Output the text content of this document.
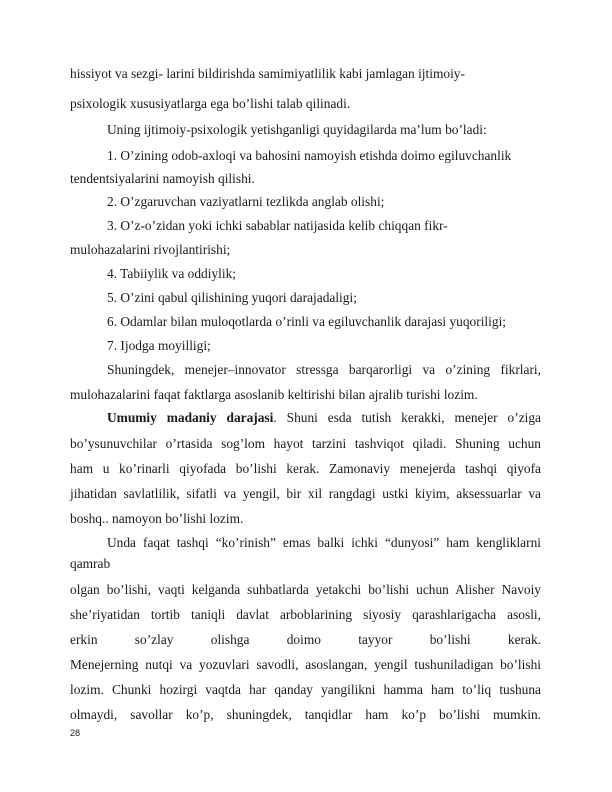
hissiyot va sezgi- larini bildirishda samimiyatlilik kabi jamlagan ijtimoiy-
psixologik xususiyatlarga ega bo’lishi talab qilinadi.
Uning ijtimoiy-psixologik yetishganligi quyidagilarda ma’lum bo’ladi:
1. O’zining odob-axloqi va bahosini namoyish etishda doimo egiluvchanlik
tendentsiyalarini namoyish qilishi.
2. O’zgaruvchan vaziyatlarni tezlikda anglab olishi;
3. O’z-o’zidan yoki ichki sabablar natijasida kelib chiqqan fikr-
mulohazalarini rivojlantirishi;
4. Tabiiylik va oddiylik;
5. O’zini qabul qilishining yuqori darajadaligi;
6. Odamlar bilan muloqotlarda o’rinli va egiluvchanlik darajasi yuqoriligi;
7. Ijodga moyilligi;
Shuningdek, menejer–innovator stressga barqarorligi va o’zining fikrlari,
mulohazalarini faqat faktlarga asoslanib keltirishi bilan ajralib turishi lozim.
Umumiy madaniy darajasi. Shuni esda tutish kerakki, menejer o’ziga
bo’ysunuvchilar o’rtasida sog’lom hayot tarzini tashviqot qiladi. Shuning uchun
ham u ko’rinarli qiyofada bo’lishi kerak. Zamonaviy menejerda tashqi qiyofa
jihatidan savlatlilik, sifatli va yengil, bir xil rangdagi ustki kiyim, aksessuarlar va
boshq.. namoyon bo’lishi lozim.
Unda faqat tashqi “ko’rinish” emas balki ichki “dunyosi” ham kengliklarni
qamrab
olgan bo’lishi, vaqti kelganda suhbatlarda yetakchi bo’lishi uchun Alisher Navoiy
she’riyatidan tortib taniqli davlat arboblarining siyosiy qarashlarigacha asosli,
erkin so’zlay olishga doimo tayyor bo’lishi kerak.
Menejerning nutqi va yozuvlari savodli, asoslangan, yengil tushuniladigan bo’lishi
lozim. Chunki hozirgi vaqtda har qanday yangilikni hamma ham to’liq tushuna
olmaydi, savollar ko’p, shuningdek, tanqidlar ham ko’p bo’lishi mumkin.
28
